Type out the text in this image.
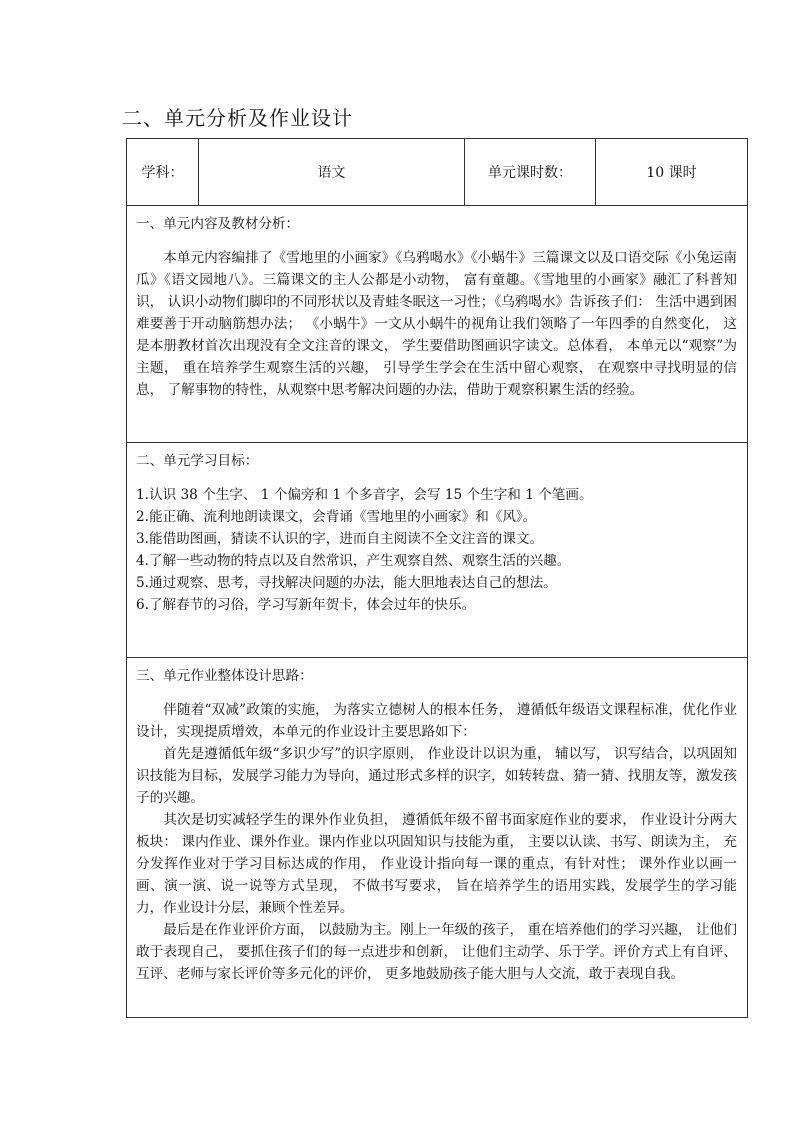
二、单元分析及作业设计
学科：	语文	单元课时数：	10 课时

一、单元内容及教材分析：

本单元内容编排了《雪地里的小画家》《乌鸦喝水》《小蜗牛》三篇课文以及口语交际《小兔运南瓜》《语文园地八》。三篇课文的主人公都是小动物， 富有童趣。《雪地里的小画家》融汇了科普知识， 认识小动物们脚印的不同形状以及青蛙冬眠这一习性；《乌鸦喝水》告诉孩子们： 生活中遇到困难要善于开动脑筋想办法； 《小蜗牛》一文从小蜗牛的视角让我们领略了一年四季的自然变化， 这是本册教材首次出现没有全文注音的课文， 学生要借助图画识字读文。总体看， 本单元以“观察”为主题， 重在培养学生观察生活的兴趣， 引导学生学会在生活中留心观察， 在观察中寻找明显的信息， 了解事物的特性，从观察中思考解决问题的办法，借助于观察积累生活的经验。

二、单元学习目标：

1.认识 38 个生字、 1 个偏旁和 1 个多音字，会写 15 个生字和 1 个笔画。

2.能正确、流利地朗读课文，会背诵《雪地里的小画家》和《风》。

3.能借助图画，猜读不认识的字，进而自主阅读不全文注音的课文。

4.了解一些动物的特点以及自然常识，产生观察自然、观察生活的兴趣。

5.通过观察、思考，寻找解决问题的办法，能大胆地表达自己的想法。

6.了解春节的习俗，学习写新年贺卡，体会过年的快乐。

三、单元作业整体设计思路：

伴随着“双减”政策的实施， 为落实立德树人的根本任务， 遵循低年级语文课程标准，优化作业设计，实现提质增效，本单元的作业设计主要思路如下：

首先是遵循低年级“多识少写”的识字原则， 作业设计以识为重， 辅以写， 识写结合，以巩固知识技能为目标，发展学习能力为导向，通过形式多样的识字，如转转盘、猜一猜、找朋友等，激发孩子的兴趣。

其次是切实减轻学生的课外作业负担， 遵循低年级不留书面家庭作业的要求， 作业设计分两大板块： 课内作业、课外作业。课内作业以巩固知识与技能为重， 主要以认读、书写、朗读为主， 充分发挥作业对于学习目标达成的作用， 作业设计指向每一课的重点，有针对性； 课外作业以画一画、演一演、说一说等方式呈现， 不做书写要求， 旨在培养学生的语用实践，发展学生的学习能力，作业设计分层，兼顾个性差异。

最后是在作业评价方面， 以鼓励为主。刚上一年级的孩子， 重在培养他们的学习兴趣， 让他们敢于表现自己， 要抓住孩子们的每一点进步和创新， 让他们主动学、乐于学。评价方式上有自评、互评、老师与家长评价等多元化的评价， 更多地鼓励孩子能大胆与人交流，敢于表现自我。
